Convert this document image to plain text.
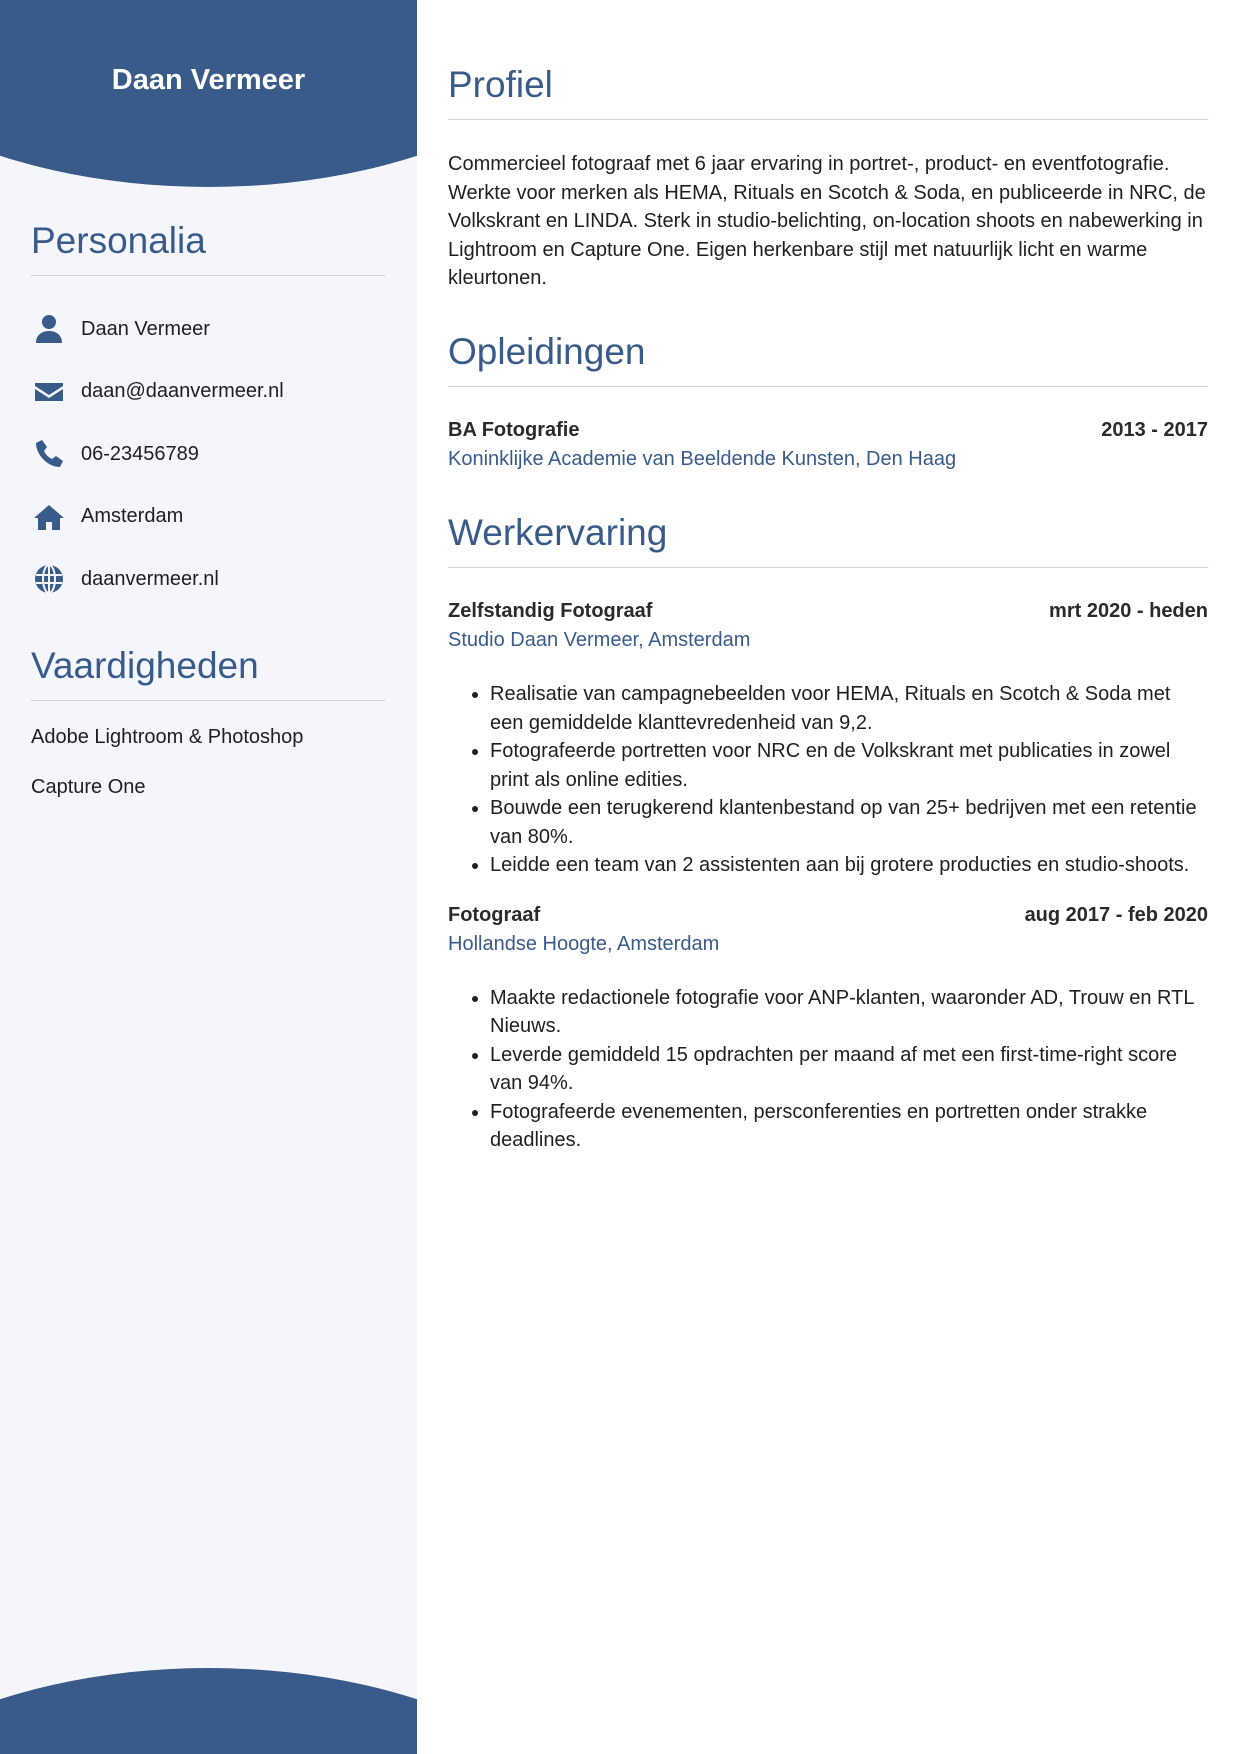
Daan Vermeer
Personalia
Daan Vermeer
daan@daanvermeer.nl
06-23456789
Amsterdam
daanvermeer.nl
Vaardigheden
Adobe Lightroom & Photoshop
Capture One
Profiel
Commercieel fotograaf met 6 jaar ervaring in portret-, product- en eventfotografie. Werkte voor merken als HEMA, Rituals en Scotch & Soda, en publiceerde in NRC, de Volkskrant en LINDA. Sterk in studio-belichting, on-location shoots en nabewerking in Lightroom en Capture One. Eigen herkenbare stijl met natuurlijk licht en warme kleurtonen.
Opleidingen
BA Fotografie	2013 - 2017
Koninklijke Academie van Beeldende Kunsten, Den Haag
Werkervaring
Zelfstandig Fotograaf	mrt 2020 - heden
Studio Daan Vermeer, Amsterdam
• Realisatie van campagnebeelden voor HEMA, Rituals en Scotch & Soda met een gemiddelde klanttevredenheid van 9,2.
• Fotografeerde portretten voor NRC en de Volkskrant met publicaties in zowel print als online edities.
• Bouwde een terugkerend klantenbestand op van 25+ bedrijven met een retentie van 80%.
• Leidde een team van 2 assistenten aan bij grotere producties en studio-shoots.
Fotograaf	aug 2017 - feb 2020
Hollandse Hoogte, Amsterdam
• Maakte redactionele fotografie voor ANP-klanten, waaronder AD, Trouw en RTL Nieuws.
• Leverde gemiddeld 15 opdrachten per maand af met een first-time-right score van 94%.
• Fotografeerde evenementen, persconferenties en portretten onder strakke deadlines.
